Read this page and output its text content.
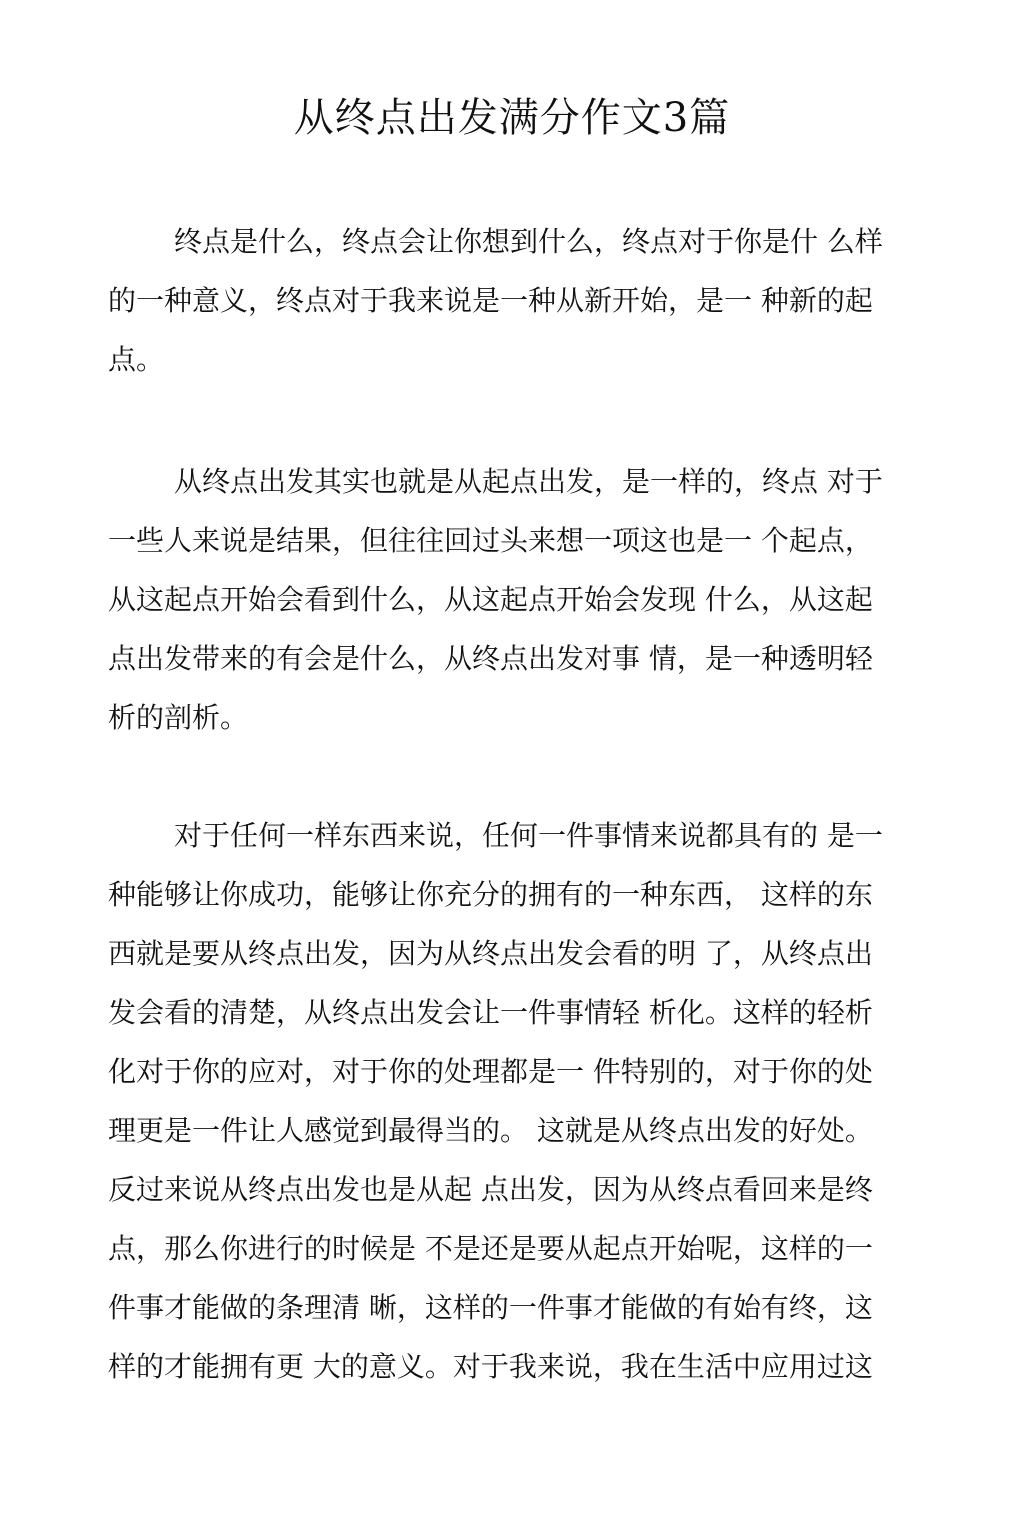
从终点出发满分作文3篇
终点是什么，终点会让你想到什么，终点对于你是什 么样
的一种意义，终点对于我来说是一种从新开始，是一 种新的起
点。
从终点出发其实也就是从起点出发，是一样的，终点 对于
一些人来说是结果，但往往回过头来想一项这也是一 个起点，
从这起点开始会看到什么，从这起点开始会发现 什么，从这起
点出发带来的有会是什么，从终点出发对事 情，是一种透明轻
析的剖析。
对于任何一样东西来说，任何一件事情来说都具有的 是一
种能够让你成功，能够让你充分的拥有的一种东西， 这样的东
西就是要从终点出发，因为从终点出发会看的明 了，从终点出
发会看的清楚，从终点出发会让一件事情轻 析化。这样的轻析
化对于你的应对，对于你的处理都是一 件特别的，对于你的处
理更是一件让人感觉到最得当的。 这就是从终点出发的好处。
反过来说从终点出发也是从起 点出发，因为从终点看回来是终
点，那么你进行的时候是 不是还是要从起点开始呢，这样的一
件事才能做的条理清 晰，这样的一件事才能做的有始有终，这
样的才能拥有更 大的意义。对于我来说，我在生活中应用过这
